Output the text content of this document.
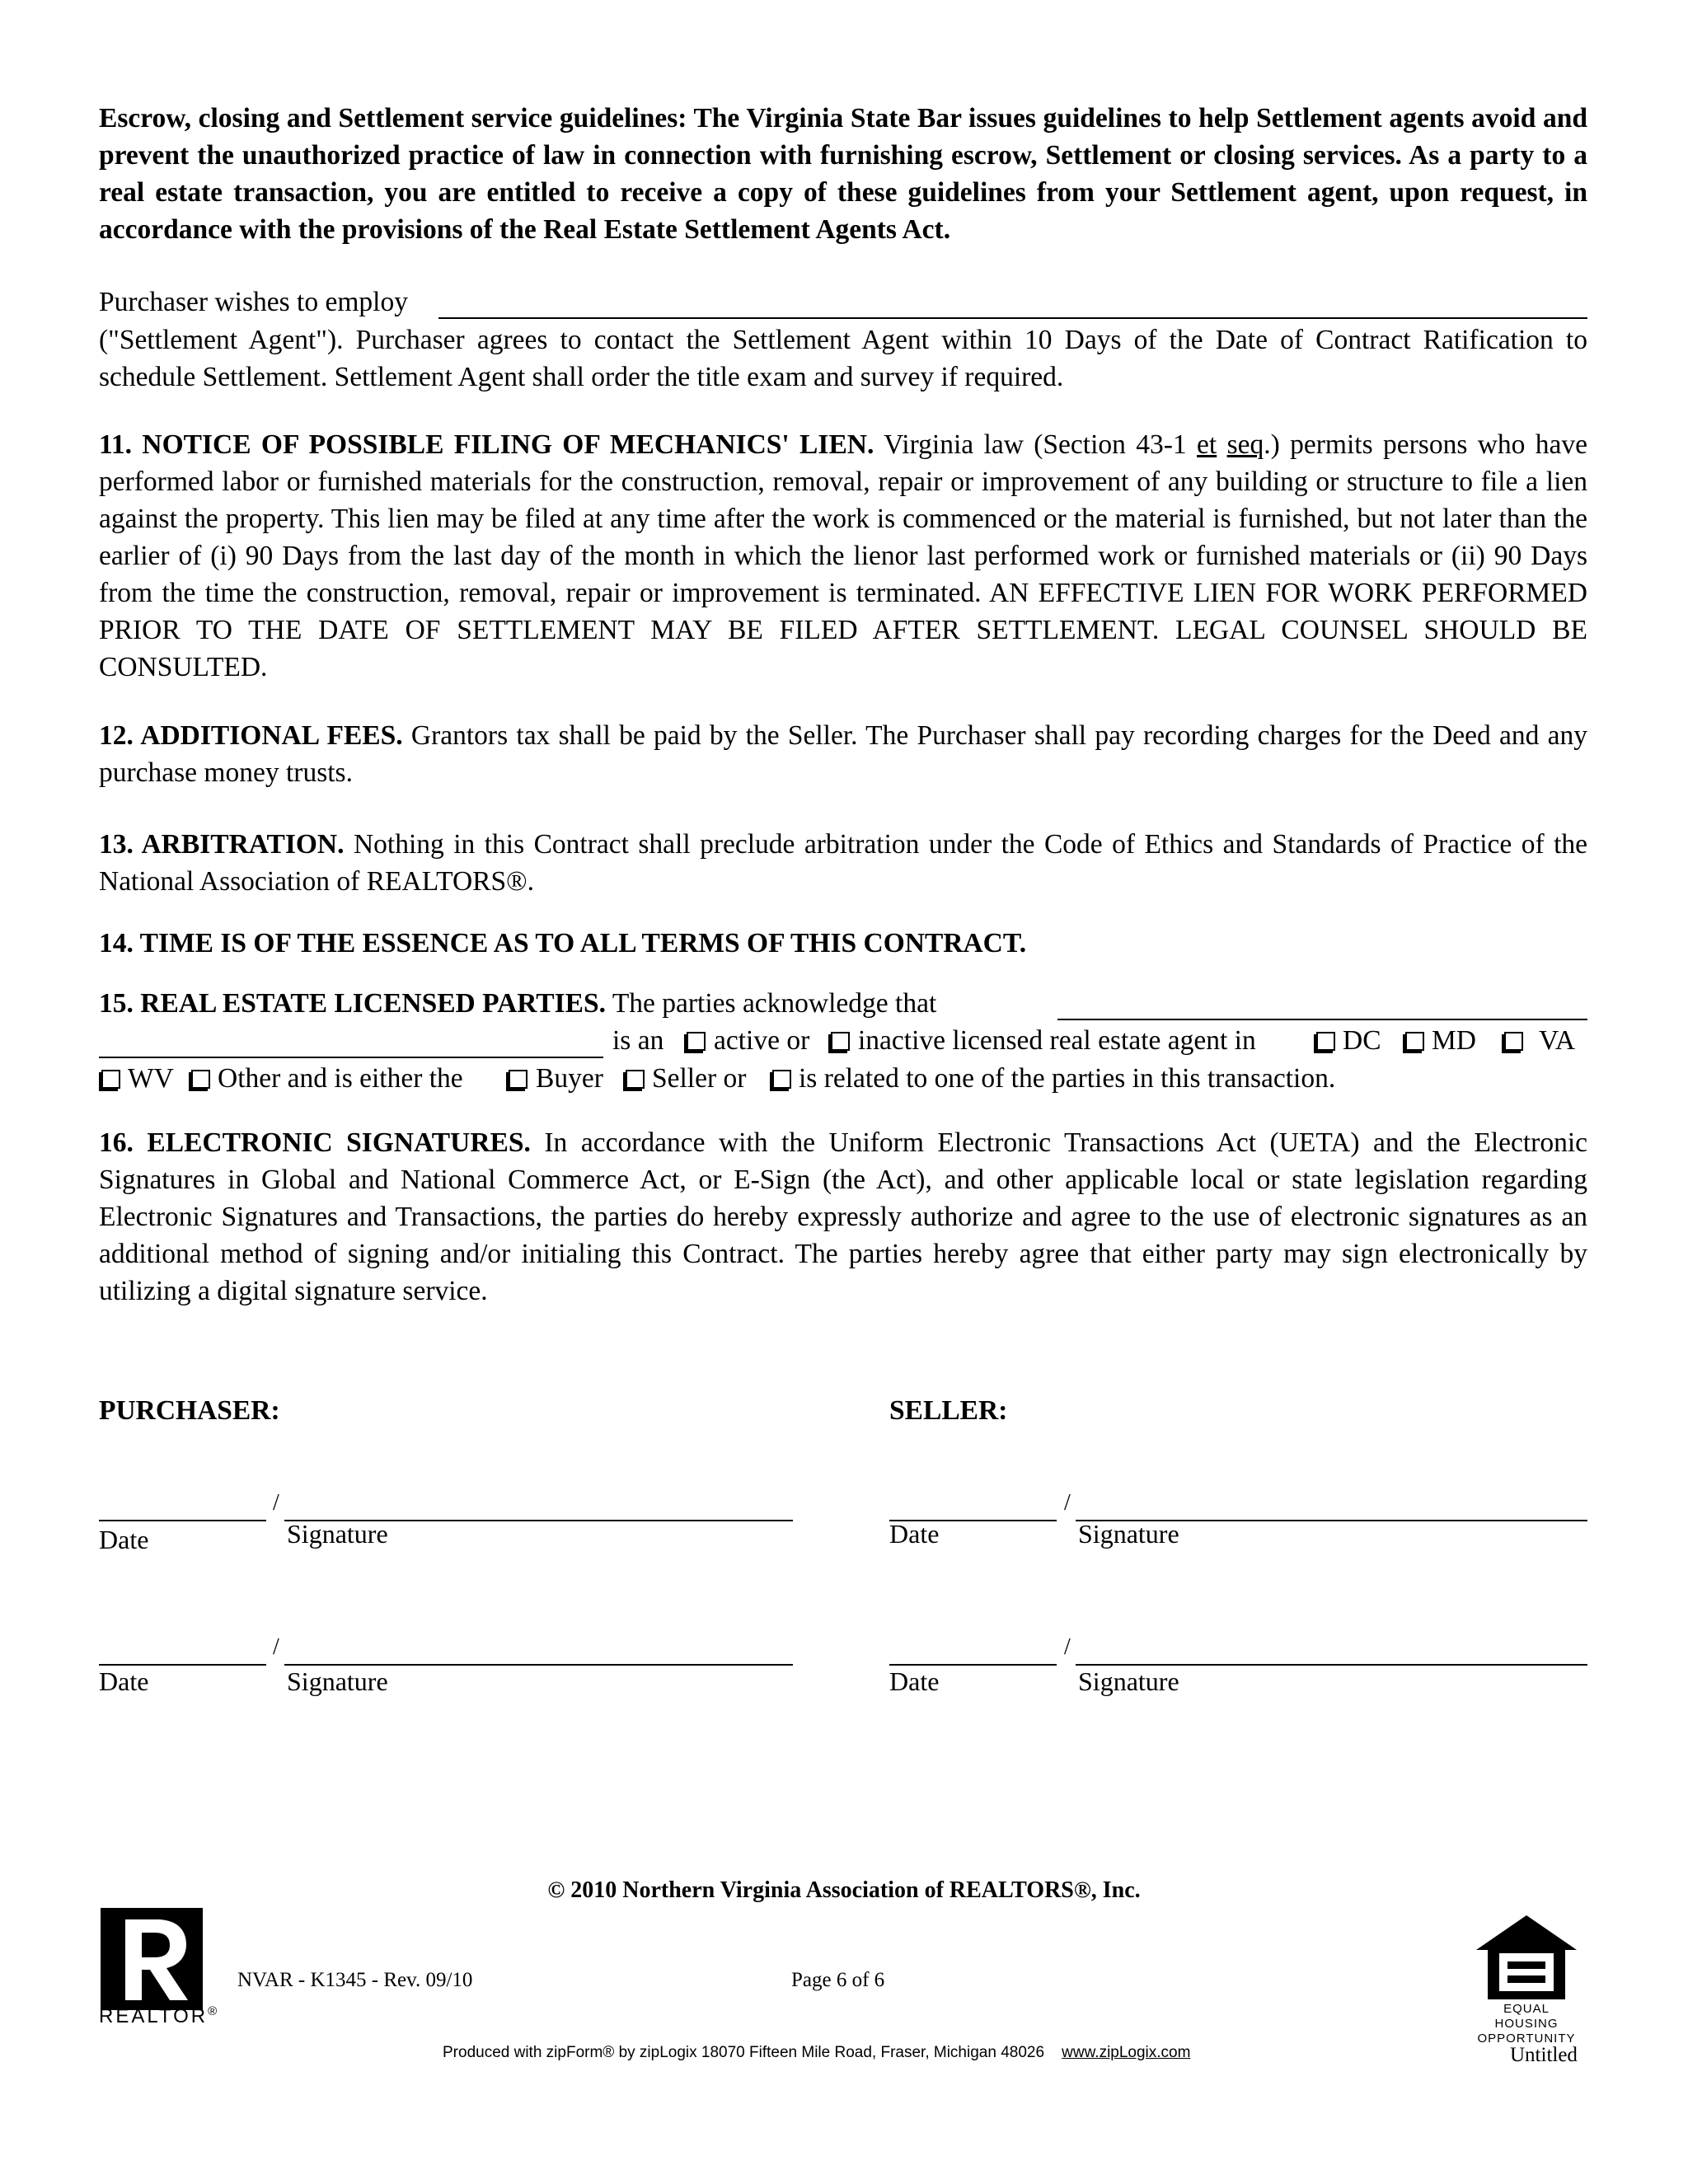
Escrow, closing and Settlement service guidelines: The Virginia State Bar issues guidelines to help Settlement agents avoid and prevent the unauthorized practice of law in connection with furnishing escrow, Settlement or closing services. As a party to a real estate transaction, you are entitled to receive a copy of these guidelines from your Settlement agent, upon request, in accordance with the provisions of the Real Estate Settlement Agents Act.

Purchaser wishes to employ

("Settlement Agent"). Purchaser agrees to contact the Settlement Agent within 10 Days of the Date of Contract Ratification to schedule Settlement. Settlement Agent shall order the title exam and survey if required.

11. NOTICE OF POSSIBLE FILING OF MECHANICS' LIEN. Virginia law (Section 43-1 et seq.) permits persons who have performed labor or furnished materials for the construction, removal, repair or improvement of any building or structure to file a lien against the property. This lien may be filed at any time after the work is commenced or the material is furnished, but not later than the earlier of (i) 90 Days from the last day of the month in which the lienor last performed work or furnished materials or (ii) 90 Days from the time the construction, removal, repair or improvement is terminated. AN EFFECTIVE LIEN FOR WORK PERFORMED PRIOR TO THE DATE OF SETTLEMENT MAY BE FILED AFTER SETTLEMENT. LEGAL COUNSEL SHOULD BE CONSULTED.

12. ADDITIONAL FEES. Grantors tax shall be paid by the Seller. The Purchaser shall pay recording charges for the Deed and any purchase money trusts.

13. ARBITRATION. Nothing in this Contract shall preclude arbitration under the Code of Ethics and Standards of Practice of the National Association of REALTORS®.

14. TIME IS OF THE ESSENCE AS TO ALL TERMS OF THIS CONTRACT.

15. REAL ESTATE LICENSED PARTIES. The parties acknowledge that
is an active or inactive licensed real estate agent in	DC MD VA
WV Other and is either the	Buyer Seller or is related to one of the parties in this transaction.

16. ELECTRONIC SIGNATURES. In accordance with the Uniform Electronic Transactions Act (UETA) and the Electronic Signatures in Global and National Commerce Act, or E-Sign (the Act), and other applicable local or state legislation regarding Electronic Signatures and Transactions, the parties do hereby expressly authorize and agree to the use of electronic signatures as an additional method of signing and/or initialing this Contract. The parties hereby agree that either party may sign electronically by utilizing a digital signature service.

PURCHASER:	SELLER:
/
Date	Signature
/
Date	Signature
/
Date	Signature
/
Date	Signature
© 2010 Northern Virginia Association of REALTORS®, Inc.
REALTOR®
NVAR - K1345 - Rev. 09/10	Page 6 of 6
EQUAL HOUSING
OPPORTUNITY
Produced with zipForm® by zipLogix 18070 Fifteen Mile Road, Fraser, Michigan 48026 www.zipLogix.com	Untitled
